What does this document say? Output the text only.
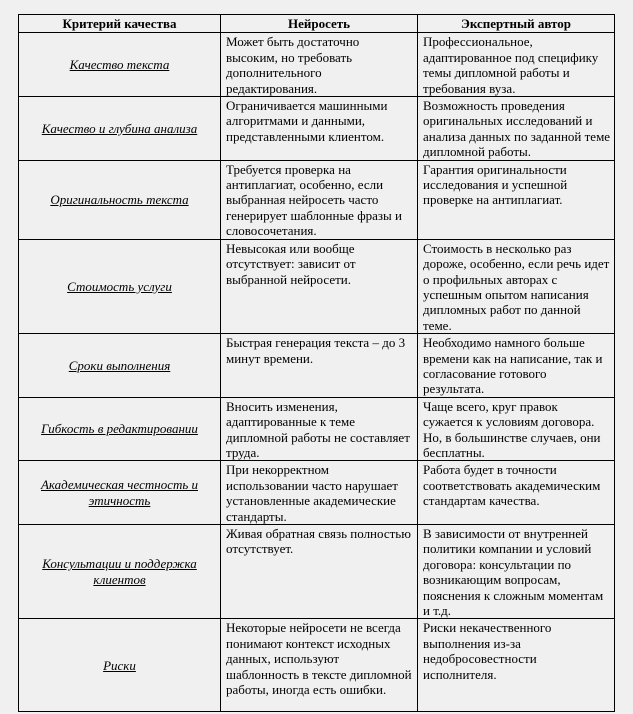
Критерий качества	Нейросеть	Экспертный автор
Качество текста	Может быть достаточно высоким, но требовать дополнительного редактирования.	Профессиональное, адаптированное под специфику темы дипломной работы и требования вуза.
Качество и глубина анализа	Ограничивается машинными алгоритмами и данными, представленными клиентом.	Возможность проведения оригинальных исследований и анализа данных по заданной теме дипломной работы.
Оригинальность текста	Требуется проверка на антиплагиат, особенно, если выбранная нейросеть часто генерирует шаблонные фразы и словосочетания.	Гарантия оригинальности исследования и успешной проверке на антиплагиат.
Стоимость услуги	Невысокая или вообще отсутствует: зависит от выбранной нейросети.	Стоимость в несколько раз дороже, особенно, если речь идет о профильных авторах с успешным опытом написания дипломных работ по данной теме.
Сроки выполнения	Быстрая генерация текста – до 3 минут времени.	Необходимо намного больше времени как на написание, так и согласование готового результата.
Гибкость в редактировании	Вносить изменения, адаптированные к теме дипломной работы не составляет труда.	Чаще всего, круг правок сужается к условиям договора. Но, в большинстве случаев, они бесплатны.
Академическая честность и этичность	При некорректном использовании часто нарушает установленные академические стандарты.	Работа будет в точности соответствовать академическим стандартам качества.
Консультации и поддержка клиентов	Живая обратная связь полностью отсутствует.	В зависимости от внутренней политики компании и условий договора: консультации по возникающим вопросам, пояснения к сложным моментам и т.д.
Риски	Некоторые нейросети не всегда понимают контекст исходных данных, используют шаблонность в тексте дипломной работы, иногда есть ошибки.	Риски некачественного выполнения из-за недобросовестности исполнителя.
